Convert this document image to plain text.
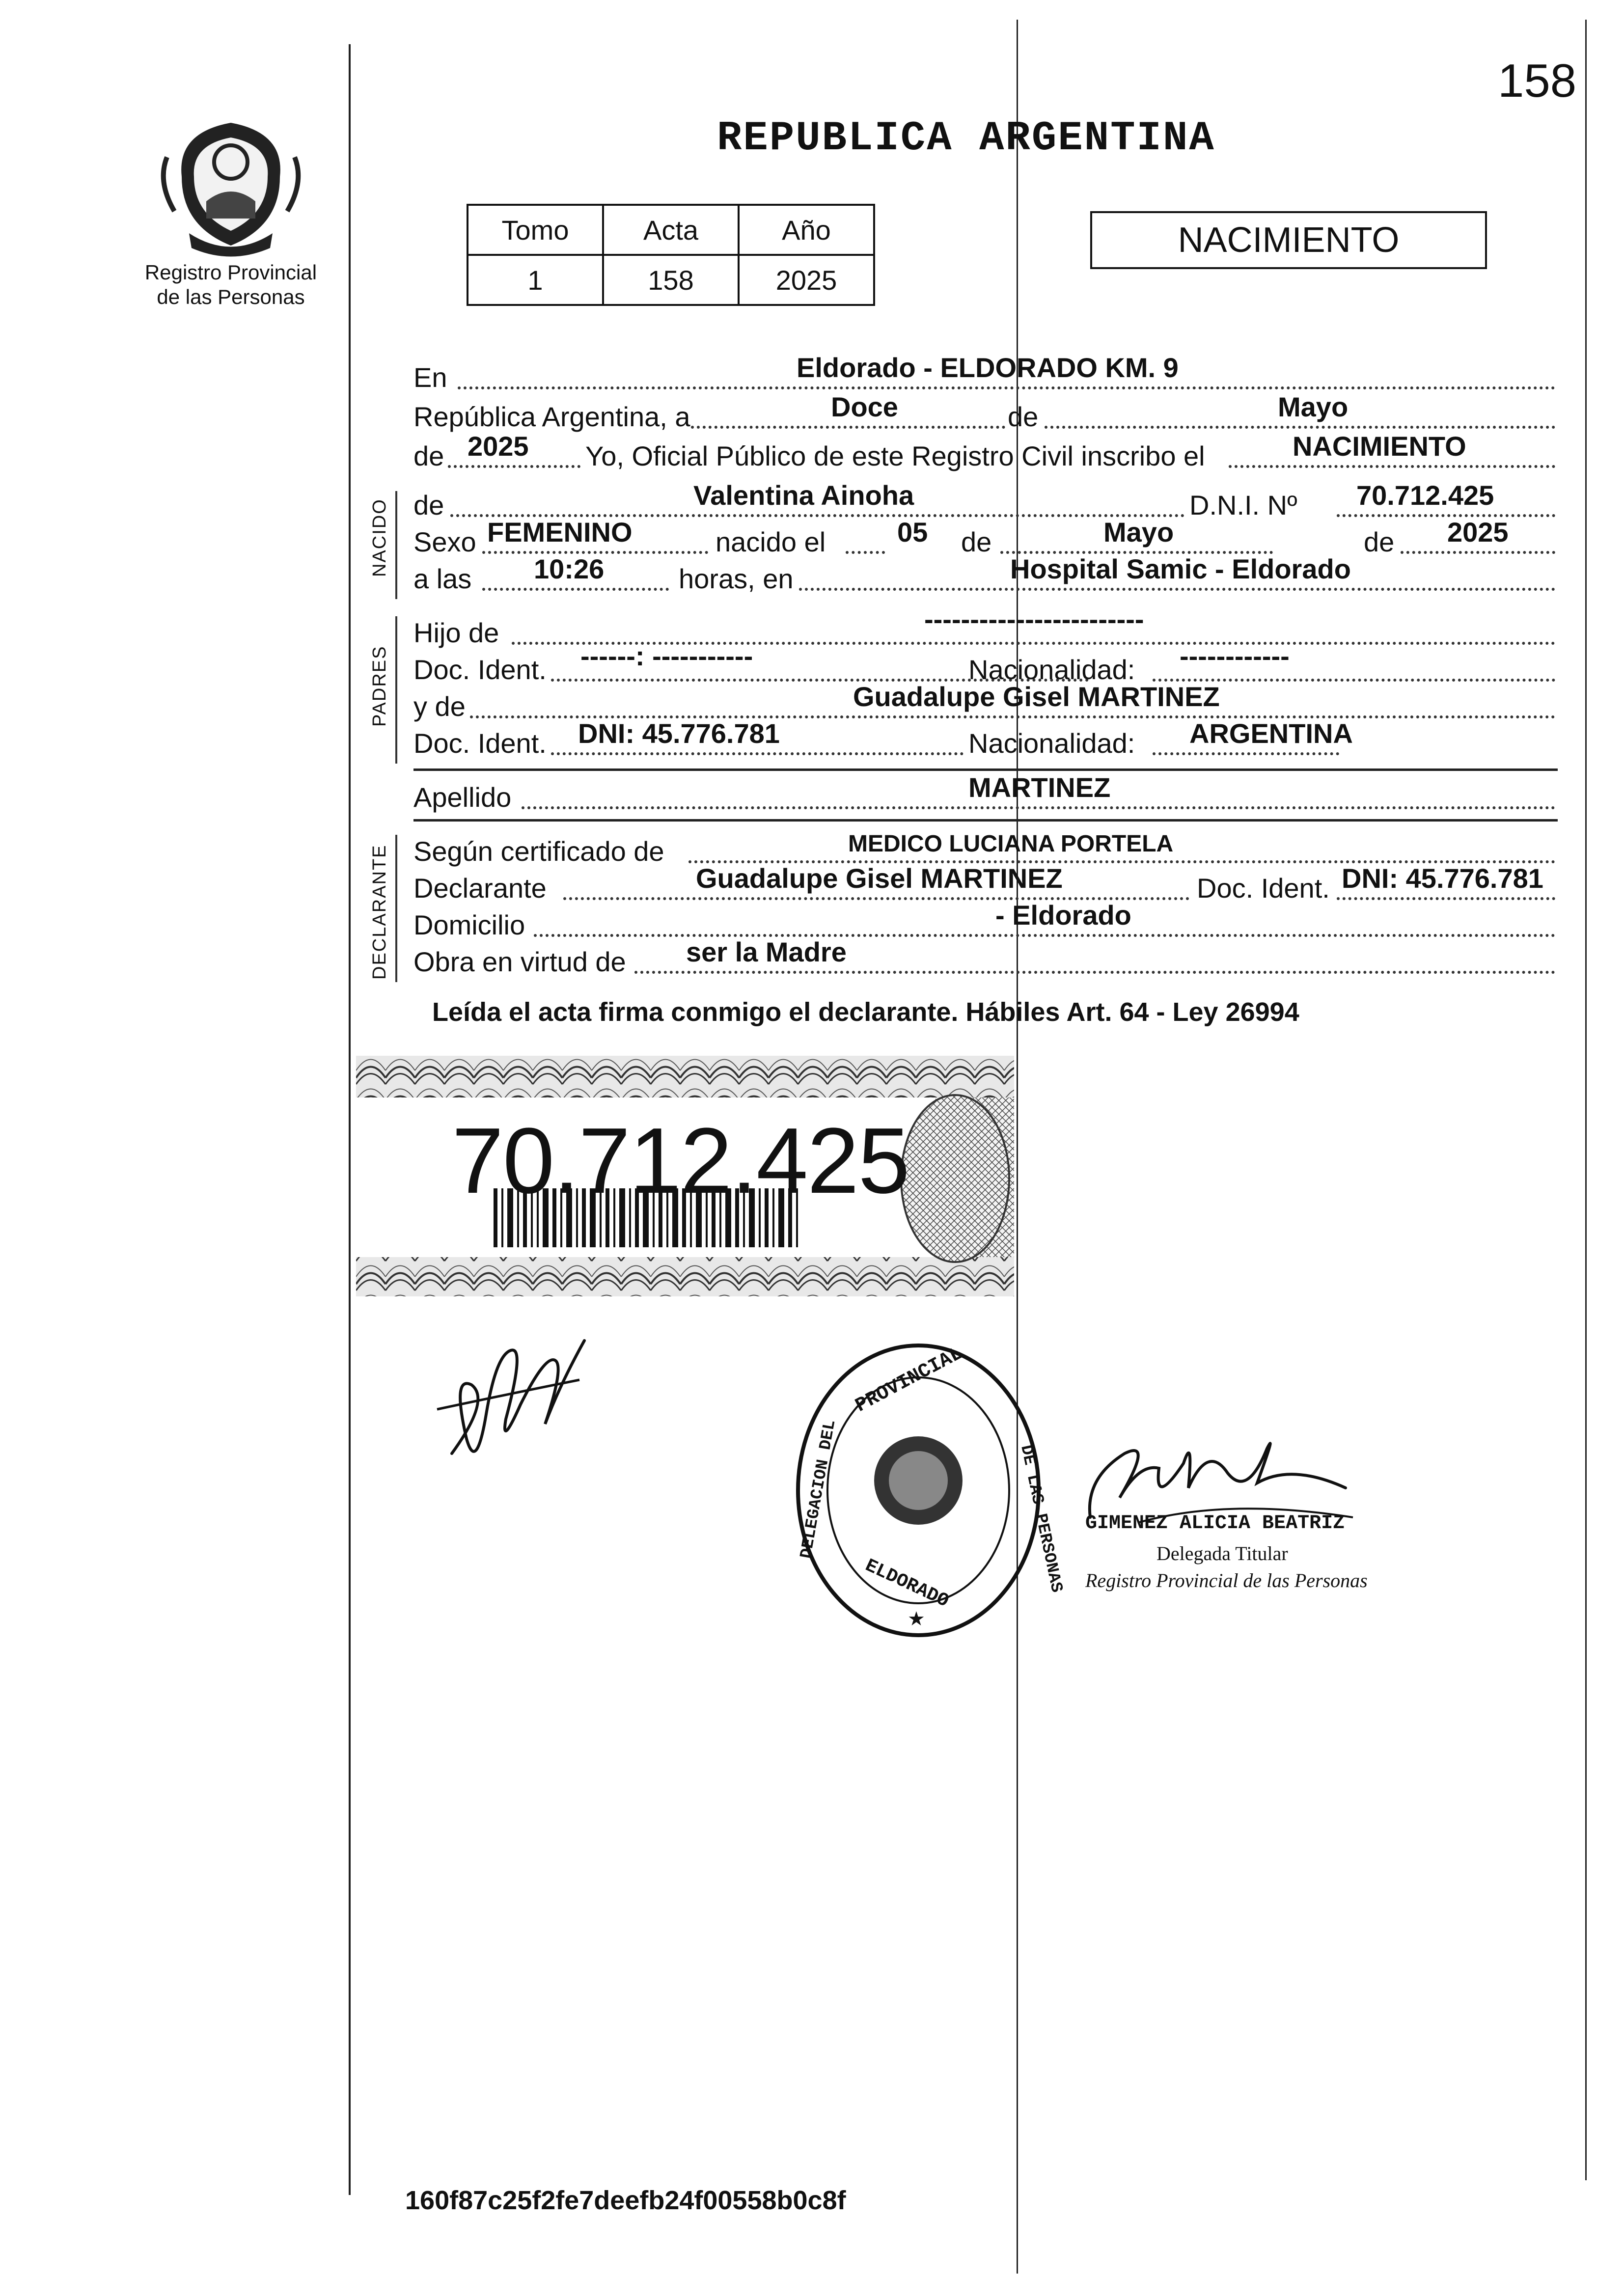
158
REPUBLICA ARGENTINA
Registro Provincial
de las Personas
Tomo	Acta	Año
1	158	2025
NACIMIENTO
En	Eldorado - ELDORADO KM. 9
República Argentina, a	Doce	de	Mayo
de 2025 Yo, Oficial Público de este Registro Civil inscribo el	NACIMIENTO
NACIDO de	Valentina Ainoha	D.N.I. Nº 70.712.425
Sexo FEMENINO	nacido el	05 de	Mayo	de 2025
a las 10:26	horas, en	Hospital Samic - Eldorado
PADRES
Hijo de	------------------------
Doc. Ident. ------: -----------	Nacionalidad: ------------
y de	Guadalupe Gisel MARTINEZ
Doc. Ident. DNI: 45.776.781	Nacionalidad: ARGENTINA
Apellido	MARTINEZ
DECLARANTE Según certificado de	MEDICO LUCIANA PORTELA
Declarante	Guadalupe Gisel MARTINEZ	Doc. Ident. DNI: 45.776.781
Domicilio	- Eldorado
Obra en virtud de ser la Madre
Leída el acta firma conmigo el declarante. Hábiles Art. 64 - Ley 26994
70.712.425
PROVINCIAL
DELEGACION DEL	DE LAS PERSONAS
ELDORADO
★
GIMENEZ ALICIA BEATRIZ
Delegada Titular
Registro Provincial de las Personas
160f87c25f2fe7deefb24f00558b0c8f
